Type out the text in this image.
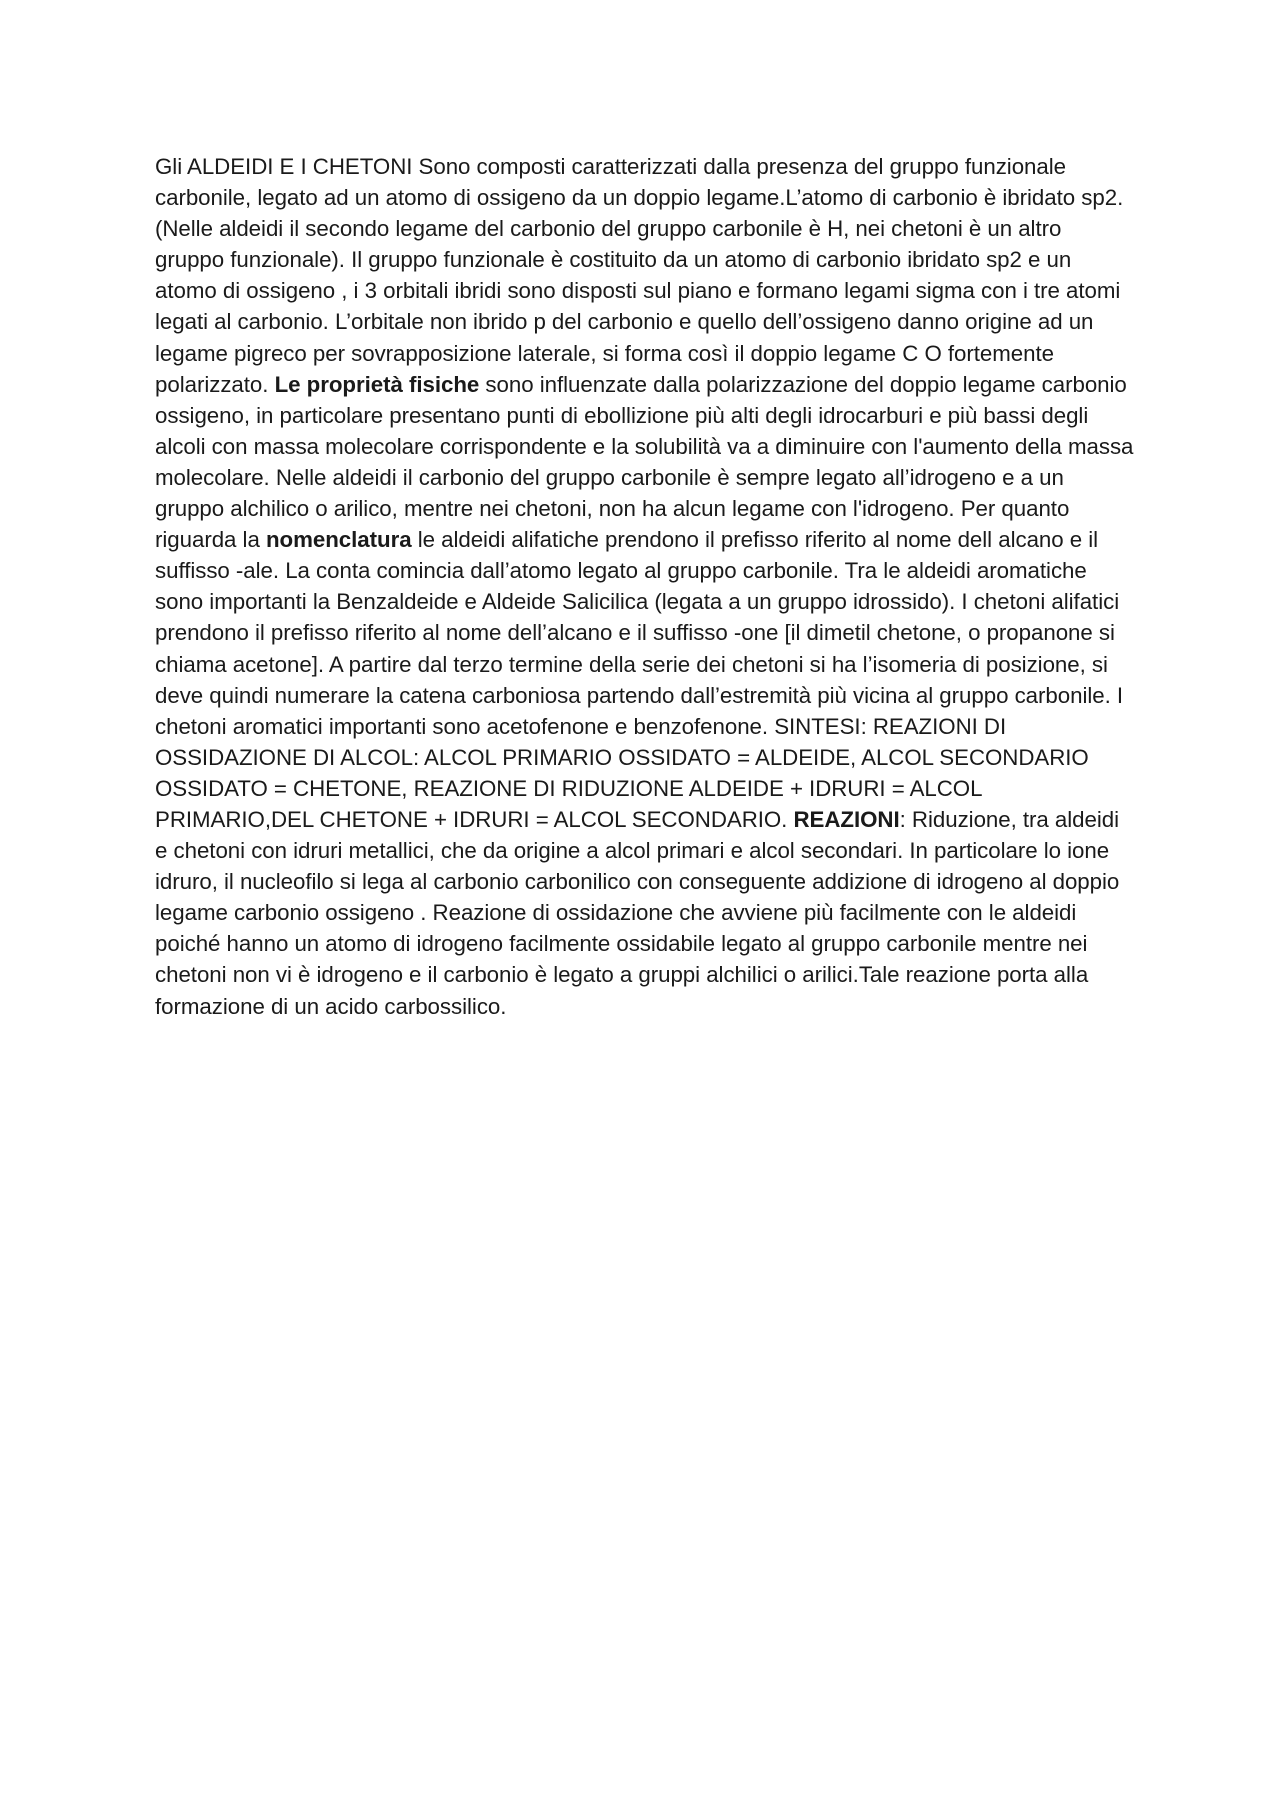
Gli ALDEIDI E I CHETONI Sono composti caratterizzati dalla presenza del gruppo funzionale carbonile, legato ad un atomo di ossigeno da un doppio legame.L’atomo di carbonio è ibridato sp2. (Nelle aldeidi il secondo legame del carbonio del gruppo carbonile è H, nei chetoni è un altro gruppo funzionale). Il gruppo funzionale è costituito da un atomo di carbonio ibridato sp2 e un atomo di ossigeno , i 3 orbitali ibridi sono disposti sul piano e formano legami sigma con i tre atomi legati al carbonio. L’orbitale non ibrido p del carbonio e quello dell’ossigeno danno origine ad un legame pigreco per sovrapposizione laterale, si forma così il doppio legame C O fortemente polarizzato. Le proprietà fisiche sono influenzate dalla polarizzazione del doppio legame carbonio ossigeno, in particolare presentano punti di ebollizione più alti degli idrocarburi e più bassi degli alcoli con massa molecolare corrispondente e la solubilità va a diminuire con l'aumento della massa molecolare. Nelle aldeidi il carbonio del gruppo carbonile è sempre legato all’idrogeno e a un gruppo alchilico o arilico, mentre nei chetoni, non ha alcun legame con l'idrogeno. Per quanto riguarda la nomenclatura le aldeidi alifatiche prendono il prefisso riferito al nome dell alcano e il suffisso -ale. La conta comincia dall’atomo legato al gruppo carbonile. Tra le aldeidi aromatiche sono importanti la Benzaldeide e Aldeide Salicilica (legata a un gruppo idrossido). I chetoni alifatici prendono il prefisso riferito al nome dell’alcano e il suffisso -one [il dimetil chetone, o propanone si chiama acetone]. A partire dal terzo termine della serie dei chetoni si ha l’isomeria di posizione, si deve quindi numerare la catena carboniosa partendo dall’estremità più vicina al gruppo carbonile. I chetoni aromatici importanti sono acetofenone e benzofenone. SINTESI: REAZIONI DI OSSIDAZIONE DI ALCOL: ALCOL PRIMARIO OSSIDATO = ALDEIDE, ALCOL SECONDARIO OSSIDATO = CHETONE, REAZIONE DI RIDUZIONE ALDEIDE + IDRURI = ALCOL PRIMARIO,DEL CHETONE + IDRURI = ALCOL SECONDARIO. REAZIONI: Riduzione, tra aldeidi e chetoni con idruri metallici, che da origine a alcol primari e alcol secondari. In particolare lo ione idruro, il nucleofilo si lega al carbonio carbonilico con conseguente addizione di idrogeno al doppio legame carbonio ossigeno . Reazione di ossidazione che avviene più facilmente con le aldeidi poiché hanno un atomo di idrogeno facilmente ossidabile legato al gruppo carbonile mentre nei chetoni non vi è idrogeno e il carbonio è legato a gruppi alchilici o arilici.Tale reazione porta alla formazione di un acido carbossilico.
